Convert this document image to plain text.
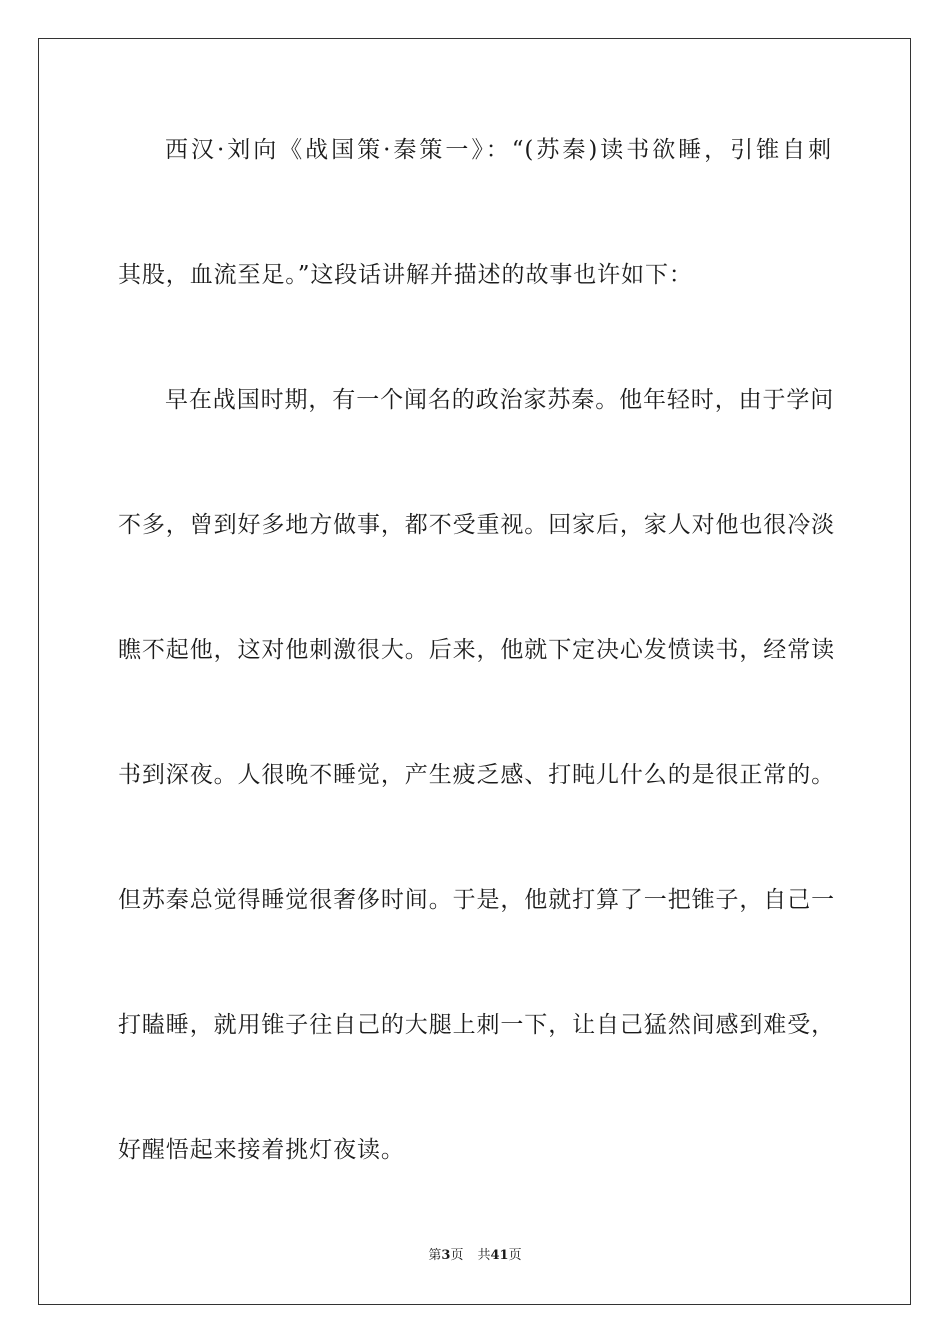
西汉·刘向《战国策·秦策一》：“(苏秦)读书欲睡，引锥自刺
其股，血流至足。”这段话讲解并描述的故事也许如下：
早在战国时期，有一个闻名的政治家苏秦。他年轻时，由于学问
不多，曾到好多地方做事，都不受重视。回家后，家人对他也很冷淡
瞧不起他，这对他刺激很大。后来，他就下定决心发愤读书，经常读
书到深夜。人很晚不睡觉，产生疲乏感、打盹儿什么的是很正常的。
但苏秦总觉得睡觉很奢侈时间。于是，他就打算了一把锥子，自己一
打瞌睡，就用锥子往自己的大腿上刺一下，让自己猛然间感到难受，
好醒悟起来接着挑灯夜读。
第3页 共41页
